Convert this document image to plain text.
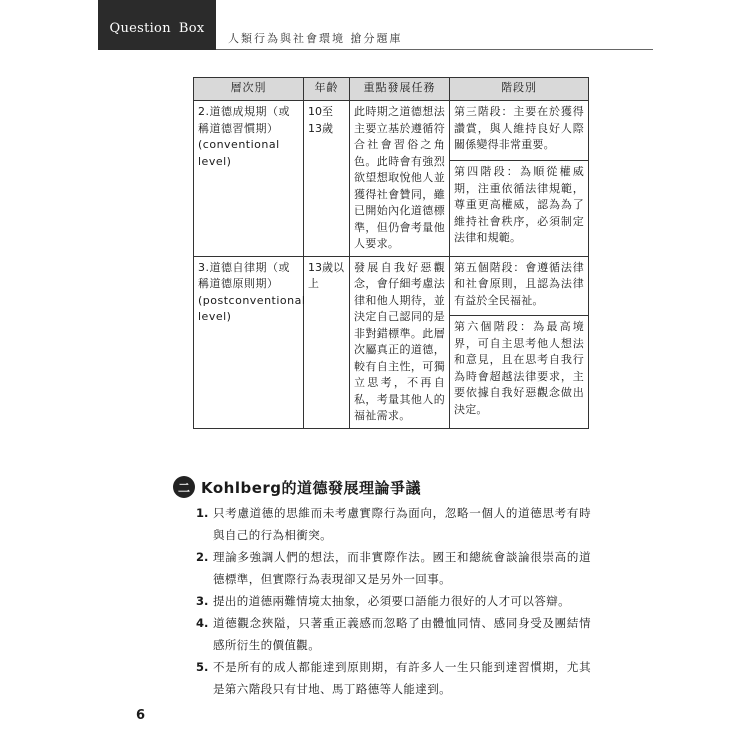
Question Box
人類行為與社會環境 搶分題庫
層次別	年齡	重點發展任務	階段別
2.道德成規期（或稱道德習慣期）(conventional level)	10至13歲	此時期之道德想法主要立基於遵循符合社會習俗之角色。此時會有強烈欲望想取悅他人並獲得社會贊同，雖已開始內化道德標準，但仍會考量他人要求。	第三階段：主要在於獲得讚賞，與人維持良好人際關係變得非常重要。
			第四階段：為順從權威期，注重依循法律規範，尊重更高權威，認為為了維持社會秩序，必須制定法律和規範。
3.道德自律期（或稱道德原則期）(postconventional level)	13歲以上	發展自我好惡觀念，會仔細考慮法律和他人期待，並決定自己認同的是非對錯標準。此層次屬真正的道德，較有自主性，可獨立思考，不再自私，考量其他人的福祉需求。	第五個階段：會遵循法律和社會原則，且認為法律有益於全民福祉。
			第六個階段：為最高境界，可自主思考他人想法和意見，且在思考自我行為時會超越法律要求，主要依據自我好惡觀念做出決定。
二 Kohlberg的道德發展理論爭議
1. 只考慮道德的思維而未考慮實際行為面向，忽略一個人的道德思考有時與自己的行為相衝突。
2. 理論多強調人們的想法，而非實際作法。國王和總統會談論很崇高的道德標準，但實際行為表現卻又是另外一回事。
3. 提出的道德兩難情境太抽象，必須要口語能力很好的人才可以答辯。
4. 道德觀念狹隘，只著重正義感而忽略了由體恤同情、感同身受及團結情感所衍生的價值觀。
5. 不是所有的成人都能達到原則期，有許多人一生只能到達習慣期，尤其是第六階段只有甘地、馬丁路德等人能達到。
6
